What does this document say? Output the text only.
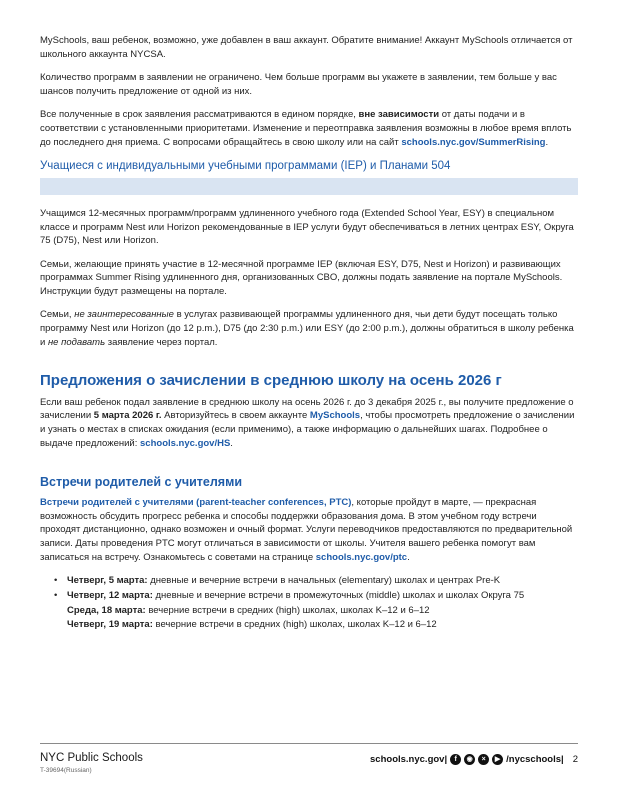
MySchools, ваш ребенок, возможно, уже добавлен в ваш аккаунт. Обратите внимание! Аккаунт MySchools отличается от школьного аккаунта NYCSA.

Количество программ в заявлении не ограничено. Чем больше программ вы укажете в заявлении, тем больше у вас шансов получить предложение от одной из них.

Все полученные в срок заявления рассматриваются в едином порядке, вне зависимости от даты подачи и в соответствии с установленными приоритетами. Изменение и переотправка заявления возможны в любое время вплоть до последнего дня приема. С вопросами обращайтесь в свою школу или на сайт schools.nyc.gov/SummerRising.

Учащиеся с индивидуальными учебными программами (IEP) и Планами 504

Учащимся 12-месячных программ/программ удлиненного учебного года (Extended School Year, ESY) в специальном классе и программ Nest или Horizon рекомендованные в IEP услуги будут обеспечиваться в летних центрах ESY, Округа 75 (D75), Nest или Horizon.

Семьи, желающие принять участие в 12-месячной программе IEP (включая ESY, D75, Nest и Horizon) и развивающих программах Summer Rising удлиненного дня, организованных CBO, должны подать заявление на портале MySchools. Инструкции будут размещены на портале.

Семьи, не заинтересованные в услугах развивающей программы удлиненного дня, чьи дети будут посещать только программу Nest или Horizon (до 12 p.m.), D75 (до 2:30 p.m.) или ESY (до 2:00 p.m.), должны обратиться в школу ребенка и не подавать заявление через портал.

Предложения о зачислении в среднюю школу на осень 2026 г

Если ваш ребенок подал заявление в среднюю школу на осень 2026 г. до 3 декабря 2025 г., вы получите предложение о зачислении 5 марта 2026 г. Авторизуйтесь в своем аккаунте MySchools, чтобы просмотреть предложение о зачислении и узнать о местах в списках ожидания (если применимо), а также информацию о дальнейших шагах. Подробнее о выдаче предложений: schools.nyc.gov/HS.

Встречи родителей с учителями

Встречи родителей с учителями (parent-teacher conferences, PTC), которые пройдут в марте, — прекрасная возможность обсудить прогресс ребенка и способы поддержки образования дома. В этом учебном году встречи проходят дистанционно, однако возможен и очный формат. Услуги переводчиков предоставляются по предварительной записи. Даты проведения PTC могут отличаться в зависимости от школы. Учителя вашего ребенка помогут вам записаться на встречу. Ознакомьтесь с советами на странице schools.nyc.gov/ptc.

•	Четверг, 5 марта: дневные и вечерние встречи в начальных (elementary) школах и центрах Pre-K
•	Четверг, 12 марта: дневные и вечерние встречи в промежуточных (middle) школах и школах Округа 75
Среда, 18 марта: вечерние встречи в средних (high) школах, школах K–12 и 6–12
Четверг, 19 марта: вечерние встречи в средних (high) школах, школах K–12 и 6–12
NYC Public Schools
T-39694(Russian)
schools.nyc.gov|	f	◉	×	▶ /nycschools| 2
